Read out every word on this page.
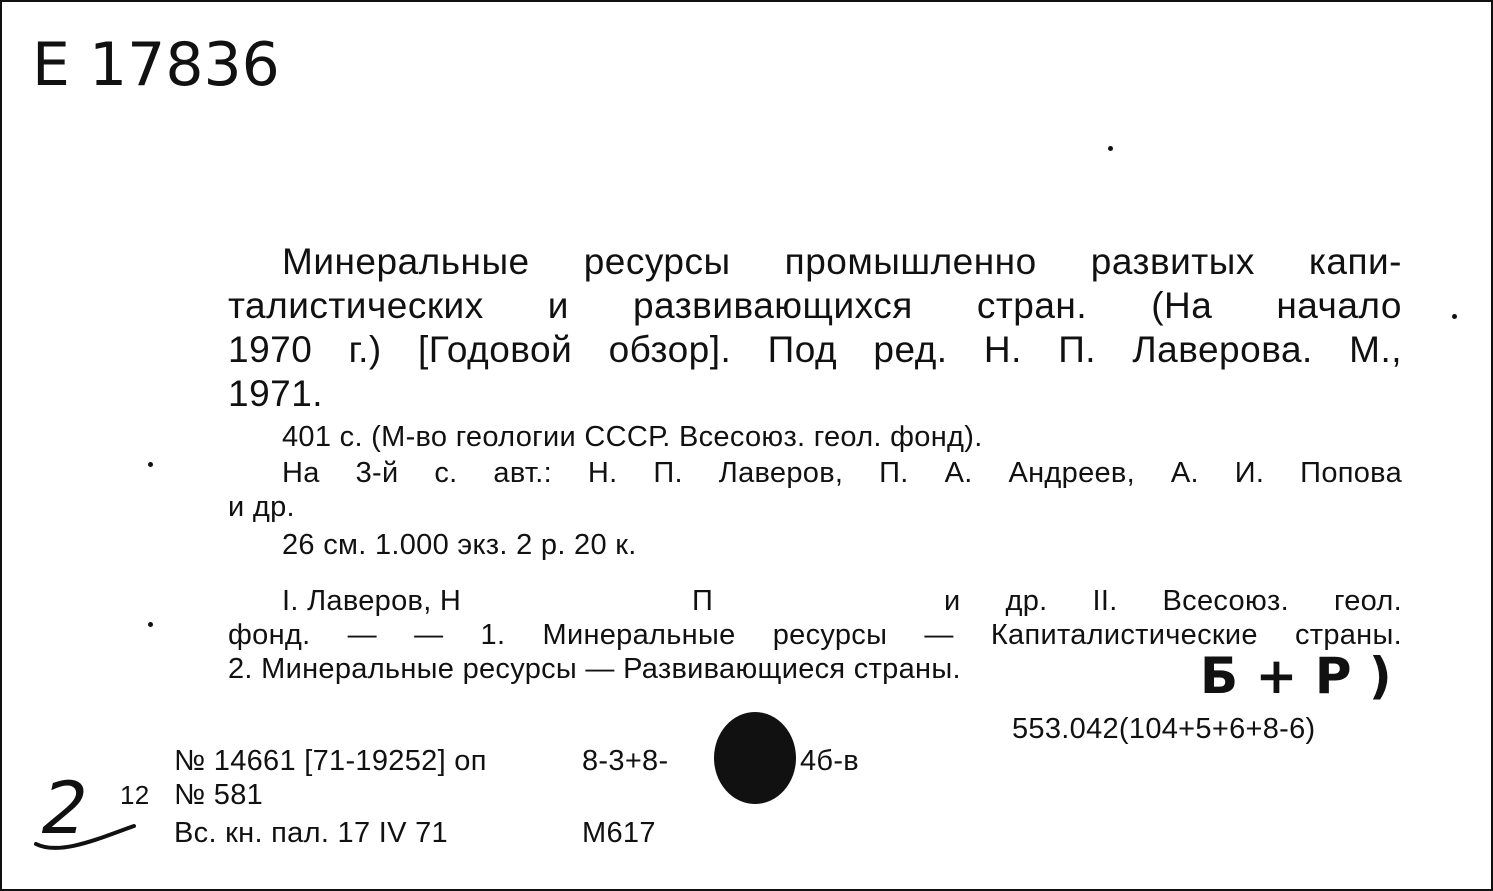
Е 17836
Минеральные ресурсы промышленно развитых капи-
талистических и развивающихся стран. (На начало
1970 г.) [Годовой обзор]. Под ред. Н. П. Лаверова. М.,
1971.
401 с. (М-во геологии СССР. Всесоюз. геол. фонд).
На 3-й с. авт.: Н. П. Лаверов, П. А. Андреев, А. И. Попова
и др.
26 см. 1.000 экз. 2 р. 20 к.
I. Лаверов, Н	П	и др. II. Всесоюз. геол.
фонд. — — 1. Минеральные ресурсы — Капиталистические страны.
2. Минеральные ресурсы — Развивающиеся страны.	Б + Р )
553.042(104+5+6+8-6)
№ 14661 [71-19252] оп	8-3+8-	4б-в
12 № 581
Вс. кн. пал. 17 IV 71	М617
2
